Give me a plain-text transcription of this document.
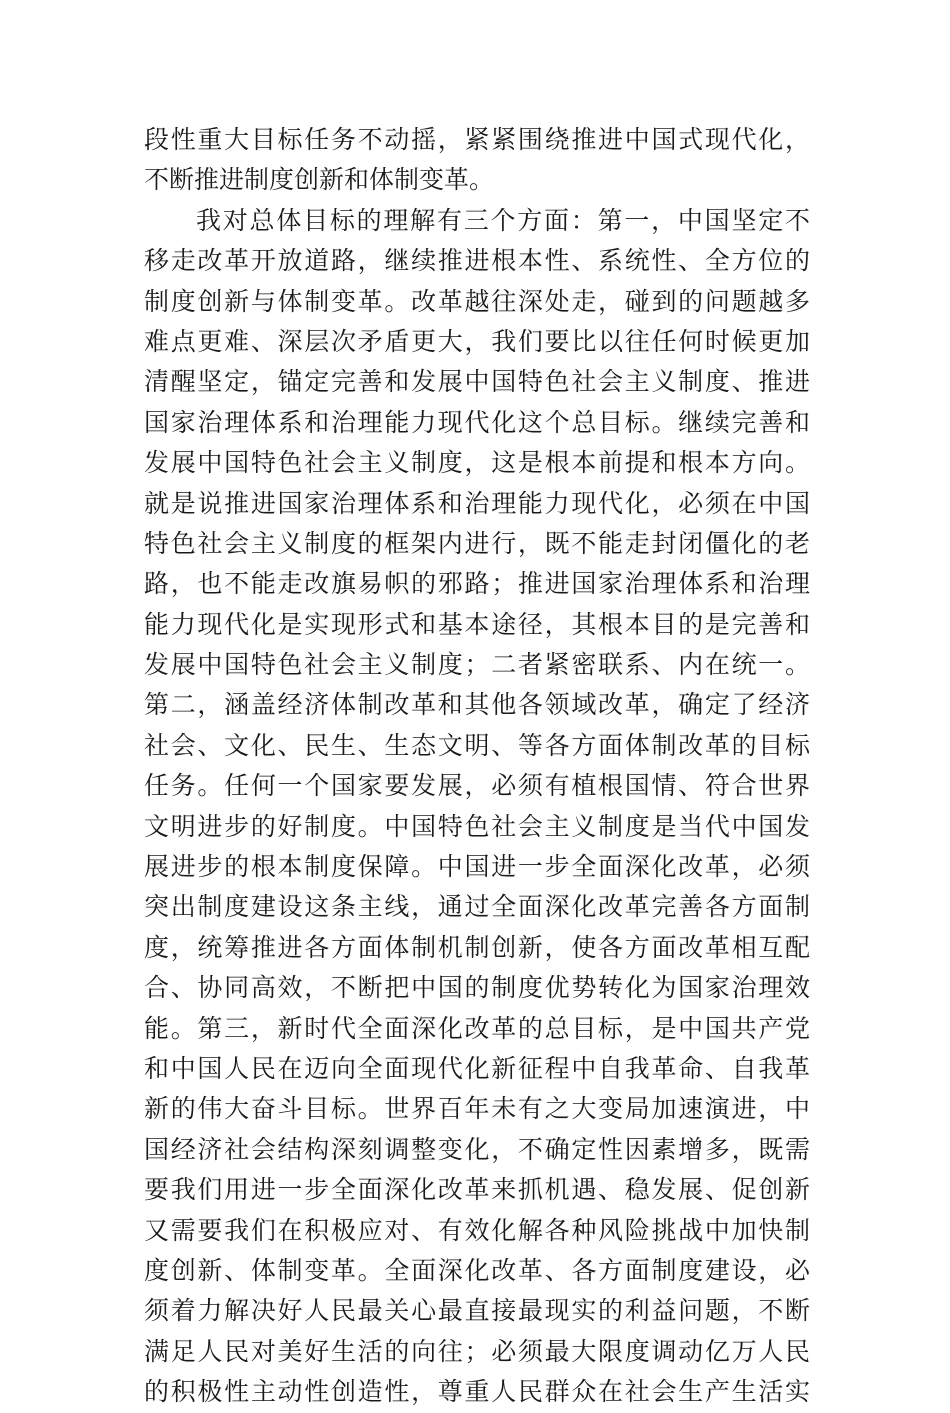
段性重大目标任务不动摇，紧紧围绕推进中国式现代化，
不断推进制度创新和体制变革。
我对总体目标的理解有三个方面：第一，中国坚定不
移走改革开放道路，继续推进根本性、系统性、全方位的
制度创新与体制变革。改革越往深处走，碰到的问题越多
难点更难、深层次矛盾更大，我们要比以往任何时候更加
清醒坚定，锚定完善和发展中国特色社会主义制度、推进
国家治理体系和治理能力现代化这个总目标。继续完善和
发展中国特色社会主义制度，这是根本前提和根本方向。
就是说推进国家治理体系和治理能力现代化，必须在中国
特色社会主义制度的框架内进行，既不能走封闭僵化的老
路，也不能走改旗易帜的邪路；推进国家治理体系和治理
能力现代化是实现形式和基本途径，其根本目的是完善和
发展中国特色社会主义制度；二者紧密联系、内在统一。
第二，涵盖经济体制改革和其他各领域改革，确定了经济
社会、文化、民生、生态文明、等各方面体制改革的目标
任务。任何一个国家要发展，必须有植根国情、符合世界
文明进步的好制度。中国特色社会主义制度是当代中国发
展进步的根本制度保障。中国进一步全面深化改革，必须
突出制度建设这条主线，通过全面深化改革完善各方面制
度，统筹推进各方面体制机制创新，使各方面改革相互配
合、协同高效，不断把中国的制度优势转化为国家治理效
能。第三，新时代全面深化改革的总目标，是中国共产党
和中国人民在迈向全面现代化新征程中自我革命、自我革
新的伟大奋斗目标。世界百年未有之大变局加速演进，中
国经济社会结构深刻调整变化，不确定性因素增多，既需
要我们用进一步全面深化改革来抓机遇、稳发展、促创新
又需要我们在积极应对、有效化解各种风险挑战中加快制
度创新、体制变革。全面深化改革、各方面制度建设，必
须着力解决好人民最关心最直接最现实的利益问题，不断
满足人民对美好生活的向往；必须最大限度调动亿万人民
的积极性主动性创造性，尊重人民群众在社会生产生活实
